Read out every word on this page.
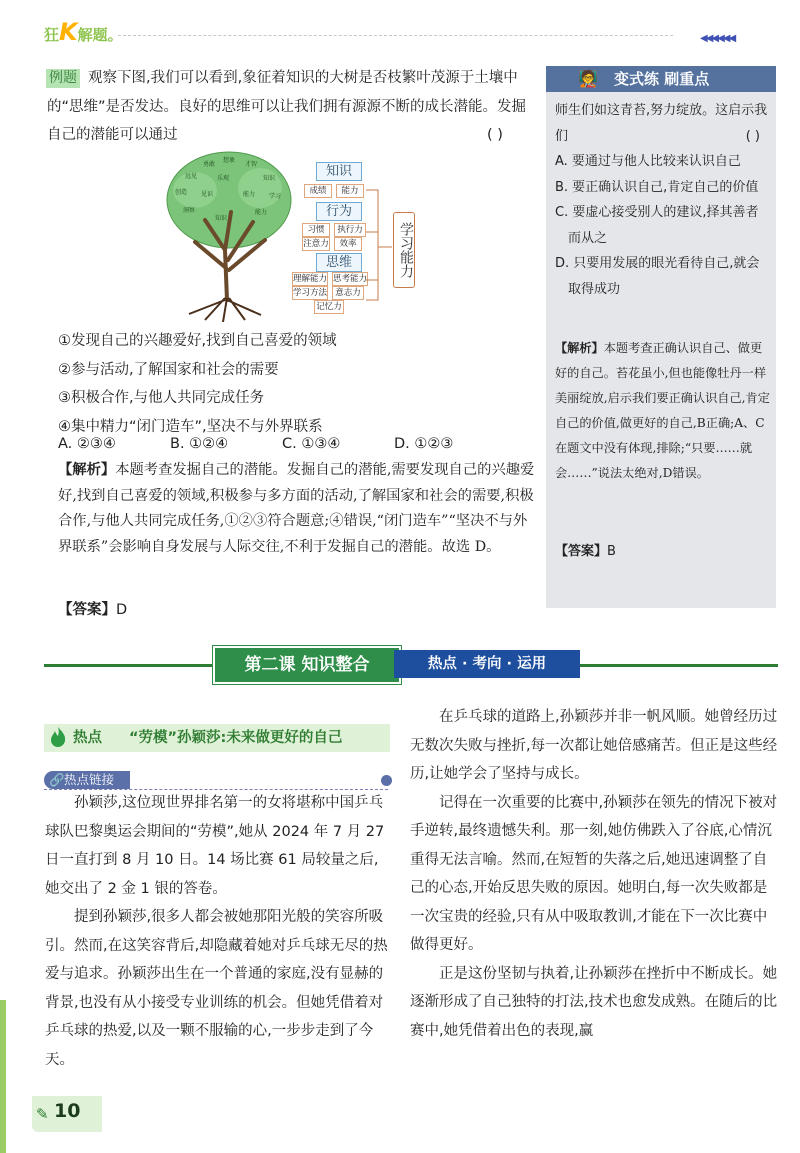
狂K解题。	◀◀◀◀◀◀
观察下图,我们可以看到,象征着知识的大树是否枝繁叶茂源于土壤中的“思维”是否发达。良好的思维可以让我们拥有源源不断的成长潜能。发掘自己的潜能可以通过
例题
( )
勇敢
想象
才智
远见	乐观	知识
创造 见识	能力 学习
洞察	能力
知识
知识
成绩	能力
行为
习惯	执行力
注意力	效率
思维
理解能力 思考能力
学习方法 意志力
记忆力
学习能力
①发现自己的兴趣爱好,找到自己喜爱的领域
②参与活动,了解国家和社会的需要
③积极合作,与他人共同完成任务
④集中精力“闭门造车”,坚决不与外界联系
A. ②③④	B. ①②④	C. ①③④	D. ①②③
【解析】本题考查发掘自己的潜能。发掘自己的潜能,需要发现自己的兴趣爱好,找到自己喜爱的领域,积极参与多方面的活动,了解国家和社会的需要,积极合作,与他人共同完成任务,①②③符合题意;④错误,“闭门造车”“坚决不与外界联系”会影响自身发展与人际交往,不利于发掘自己的潜能。故选 D。
【答案】D
🧑‍🏫 变式练 刷重点
师生们如这青苔,努力绽放。这启示我们	( )
A. 要通过与他人比较来认识自己
B. 要正确认识自己,肯定自己的价值
C. 要虚心接受别人的建议,择其善者而从之
D. 只要用发展的眼光看待自己,就会取得成功
【解析】本题考查正确认识自己、做更好的自己。苔花虽小,但也能像牡丹一样美丽绽放,启示我们要正确认识自己,肯定自己的价值,做更好的自己,B正确;A、C在题文中没有体现,排除;“只要……就会……”说法太绝对,D错误。
【答案】B
第二课 知识整合	热点 · 考向 · 运用
热点 “劳模”孙颖莎:未来做更好的自己
🔗 热点链接

孙颖莎,这位现世界排名第一的女将堪称中国乒乓球队巴黎奥运会期间的“劳模”,她从 2024 年 7 月 27 日一直打到 8 月 10 日。14 场比赛 61 局较量之后,她交出了 2 金 1 银的答卷。

提到孙颖莎,很多人都会被她那阳光般的笑容所吸引。然而,在这笑容背后,却隐藏着她对乒乓球无尽的热爱与追求。孙颖莎出生在一个普通的家庭,没有显赫的背景,也没有从小接受专业训练的机会。但她凭借着对乒乓球的热爱,以及一颗不服输的心,一步步走到了今天。

在乒乓球的道路上,孙颖莎并非一帆风顺。她曾经历过无数次失败与挫折,每一次都让她倍感痛苦。但正是这些经历,让她学会了坚持与成长。

记得在一次重要的比赛中,孙颖莎在领先的情况下被对手逆转,最终遗憾失利。那一刻,她仿佛跌入了谷底,心情沉重得无法言喻。然而,在短暂的失落之后,她迅速调整了自己的心态,开始反思失败的原因。她明白,每一次失败都是一次宝贵的经验,只有从中吸取教训,才能在下一次比赛中做得更好。

正是这份坚韧与执着,让孙颖莎在挫折中不断成长。她逐渐形成了自己独特的打法,技术也愈发成熟。在随后的比赛中,她凭借着出色的表现,赢

✎ 10
